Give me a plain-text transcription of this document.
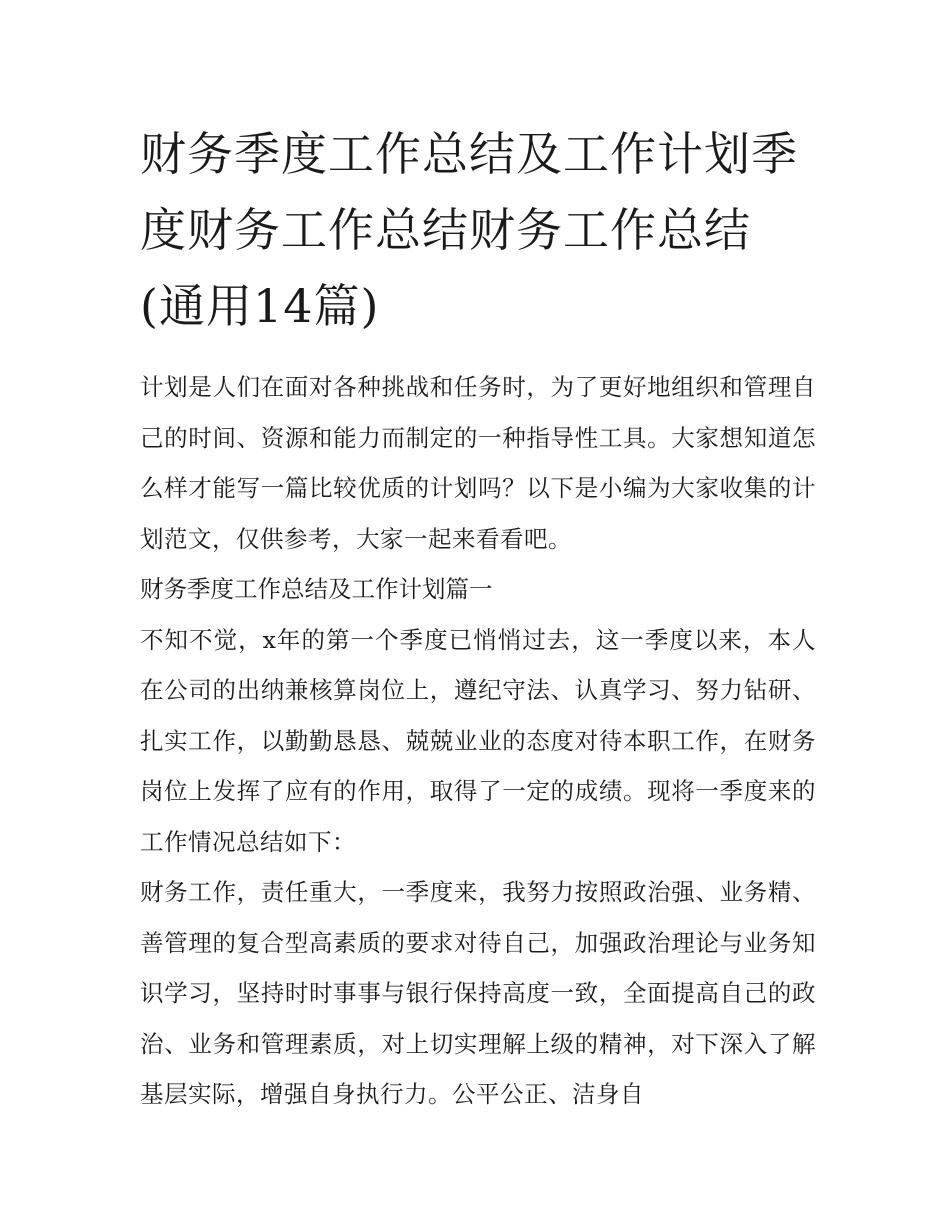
财务季度工作总结及工作计划季度财务工作总结财务工作总结(通用14篇)

计划是人们在面对各种挑战和任务时，为了更好地组织和管理自己的时间、资源和能力而制定的一种指导性工具。大家想知道怎么样才能写一篇比较优质的计划吗？以下是小编为大家收集的计划范文，仅供参考，大家一起来看看吧。

财务季度工作总结及工作计划篇一

不知不觉，x年的第一个季度已悄悄过去，这一季度以来，本人在公司的出纳兼核算岗位上，遵纪守法、认真学习、努力钻研、扎实工作，以勤勤恳恳、兢兢业业的态度对待本职工作，在财务岗位上发挥了应有的作用，取得了一定的成绩。现将一季度来的工作情况总结如下：

财务工作，责任重大，一季度来，我努力按照政治强、业务精、善管理的复合型高素质的要求对待自己，加强政治理论与业务知识学习，坚持时时事事与银行保持高度一致，全面提高自己的政治、业务和管理素质，对上切实理解上级的精神，对下深入了解基层实际，增强自身执行力。公平公正、洁身自
